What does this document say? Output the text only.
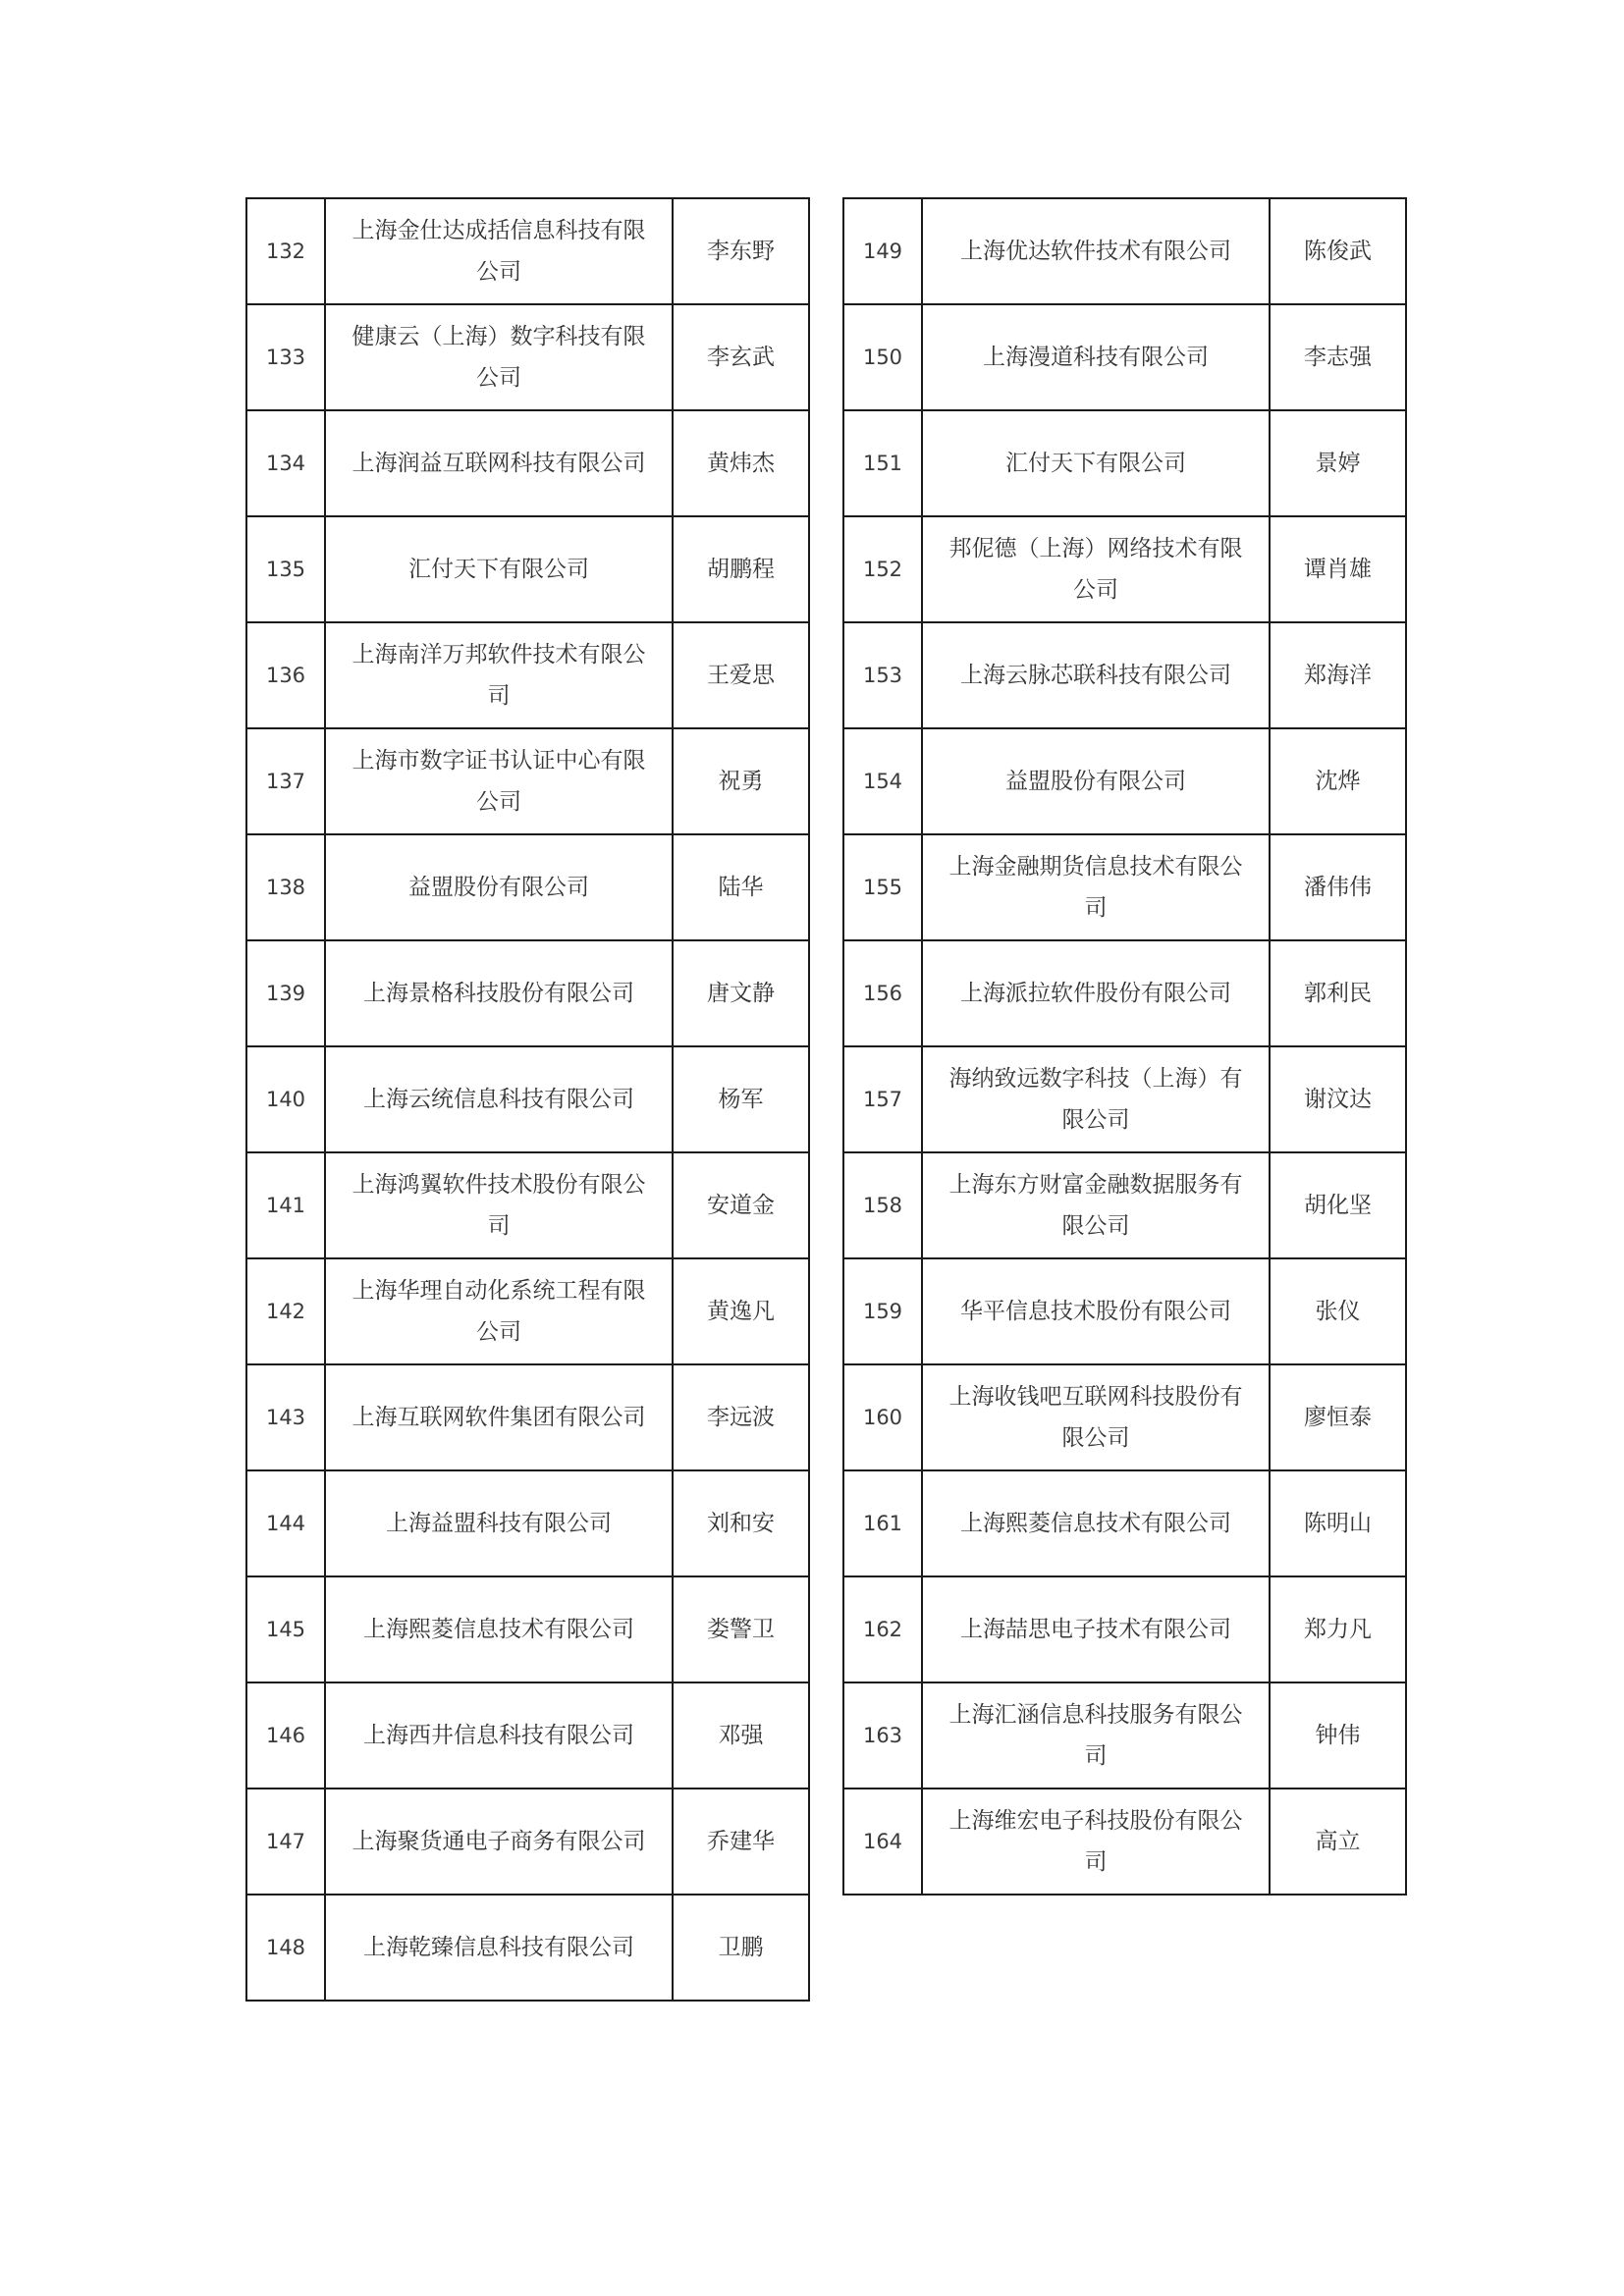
132	上海金仕达成括信息科技有限公司	李东野
133	健康云（上海）数字科技有限公司	李玄武
134	上海润益互联网科技有限公司	黄炜杰
135	汇付天下有限公司	胡鹏程
136	上海南洋万邦软件技术有限公司	王爱思
137	上海市数字证书认证中心有限公司	祝勇
138	益盟股份有限公司	陆华
139	上海景格科技股份有限公司	唐文静
140	上海云统信息科技有限公司	杨军
141	上海鸿翼软件技术股份有限公司	安道金
142	上海华理自动化系统工程有限公司	黄逸凡
143	上海互联网软件集团有限公司	李远波
144	上海益盟科技有限公司	刘和安
145	上海熙菱信息技术有限公司	娄警卫
146	上海西井信息科技有限公司	邓强
147	上海聚货通电子商务有限公司	乔建华
148	上海乾臻信息科技有限公司	卫鹏
149	上海优达软件技术有限公司	陈俊武
150	上海漫道科技有限公司	李志强
151	汇付天下有限公司	景婷
152	邦伲德（上海）网络技术有限公司	谭肖雄
153	上海云脉芯联科技有限公司	郑海洋
154	益盟股份有限公司	沈烨
155	上海金融期货信息技术有限公司	潘伟伟
156	上海派拉软件股份有限公司	郭利民
157	海纳致远数字科技（上海）有限公司	谢汶达
158	上海东方财富金融数据服务有限公司	胡化坚
159	华平信息技术股份有限公司	张仪
160	上海收钱吧互联网科技股份有限公司	廖恒泰
161	上海熙菱信息技术有限公司	陈明山
162	上海喆思电子技术有限公司	郑力凡
163	上海汇涵信息科技服务有限公司	钟伟
164	上海维宏电子科技股份有限公司	高立
